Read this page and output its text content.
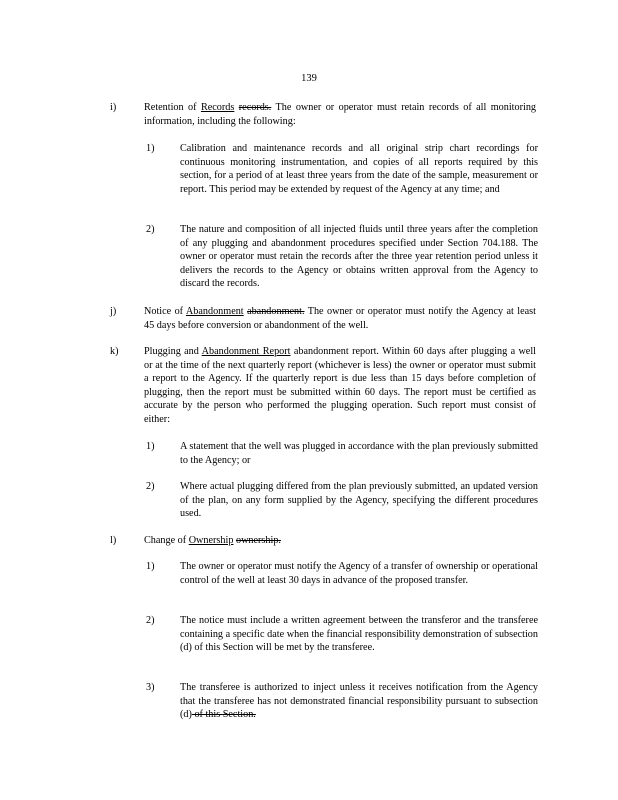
139
i)	Retention of Records records. The owner or operator must retain records of all monitoring information, including the following:
1)	Calibration and maintenance records and all original strip chart recordings for continuous monitoring instrumentation, and copies of all reports required by this section, for a period of at least three years from the date of the sample, measurement or report. This period may be extended by request of the Agency at any time; and
2)	The nature and composition of all injected fluids until three years after the completion of any plugging and abandonment procedures specified under Section 704.188. The owner or operator must retain the records after the three year retention period unless it delivers the records to the Agency or obtains written approval from the Agency to discard the records.
j)	Notice of Abandonment abandonment. The owner or operator must notify the Agency at least 45 days before conversion or abandonment of the well.
k)	Plugging and Abandonment Report abandonment report. Within 60 days after plugging a well or at the time of the next quarterly report (whichever is less) the owner or operator must submit a report to the Agency. If the quarterly report is due less than 15 days before completion of plugging, then the report must be submitted within 60 days. The report must be certified as accurate by the person who performed the plugging operation. Such report must consist of either:
1)	A statement that the well was plugged in accordance with the plan previously submitted to the Agency; or
2)	Where actual plugging differed from the plan previously submitted, an updated version of the plan, on any form supplied by the Agency, specifying the different procedures used.
l)	Change of Ownership ownership.
1)	The owner or operator must notify the Agency of a transfer of ownership or operational control of the well at least 30 days in advance of the proposed transfer.
2)	The notice must include a written agreement between the transferor and the transferee containing a specific date when the financial responsibility demonstration of subsection (d) of this Section will be met by the transferee.
3)	The transferee is authorized to inject unless it receives notification from the Agency that the transferee has not demonstrated financial responsibility pursuant to subsection (d) of this Section.
